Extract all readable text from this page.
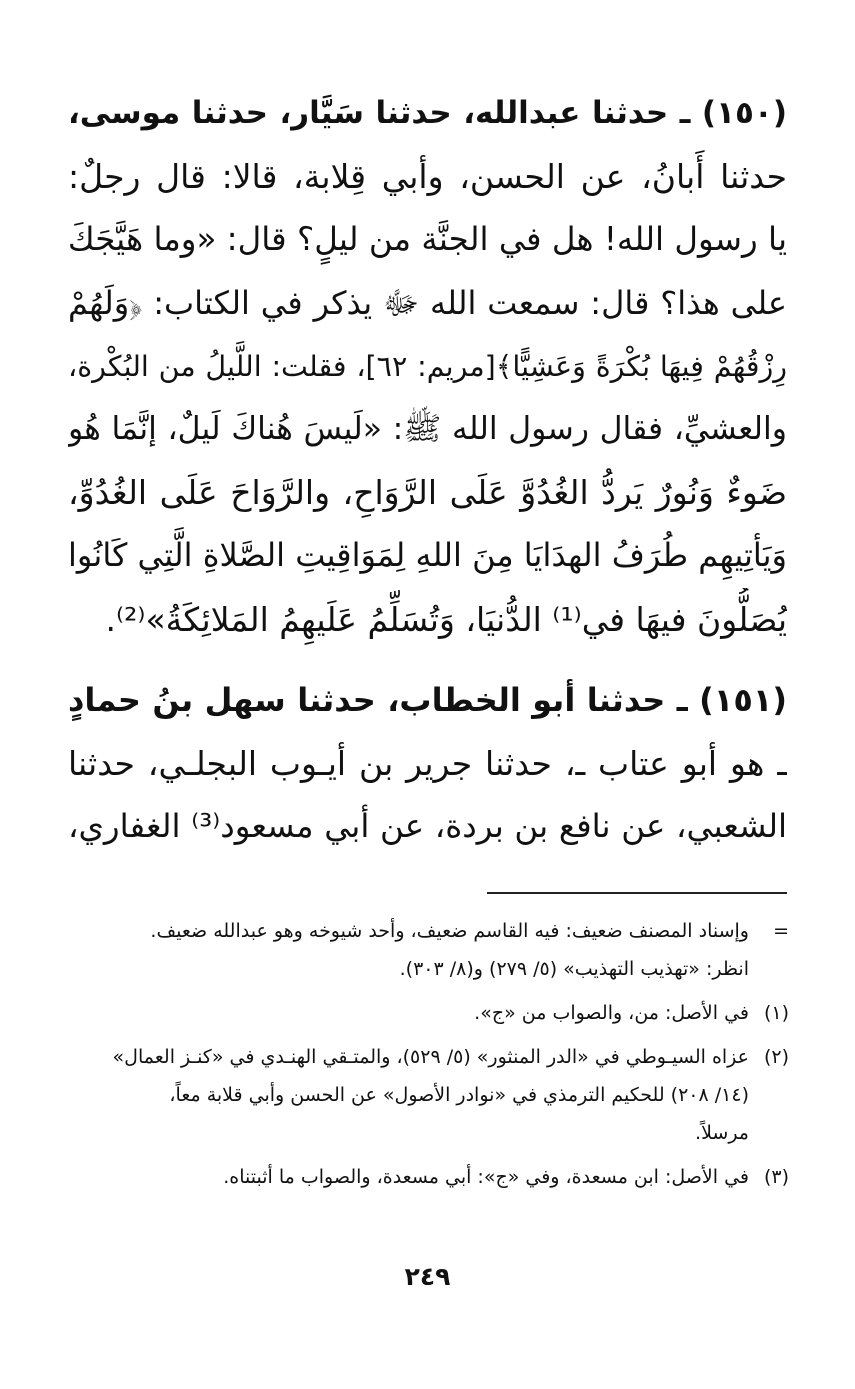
(١٥٠) ـ حدثنا عبدالله، حدثنا سَيَّار، حدثنا موسى،
حدثنا أَبانُ، عن الحسن، وأبي قِلابة، قالا: قال رجلٌ:
يا رسول الله! هل في الجنَّة من ليلٍ؟ قال: «وما هَيَّجَكَ
على هذا؟ قال: سمعت الله ﷻ يذكر في الكتاب: ﴿وَلَهُمْ
رِزْقُهُمْ فِيهَا بُكْرَةً وَعَشِيًّا﴾[مريم: ٦٢]، فقلت: اللَّيلُ من البُكْرة،
والعشيِّ، فقال رسول الله ﷺ: «لَيسَ هُناكَ لَيلٌ، إنَّمَا هُو
ضَوءٌ وَنُورٌ يَردُّ الغُدُوَّ عَلَى الرَّوَاحِ، والرَّوَاحَ عَلَى الغُدُوِّ،
وَيَأتِيهِم طُرَفُ الهدَايَا مِنَ اللهِ لِمَوَاقِيتِ الصَّلاةِ الَّتِي كَانُوا
يُصَلُّونَ فيهَا في⁽¹⁾ الدُّنيَا، وَتُسَلِّمُ عَلَيهِمُ المَلائِكَةُ»⁽²⁾.
(١٥١) ـ حدثنا أبو الخطاب، حدثنا سهل بنُ حمادٍ
ـ هو أبو عتاب ـ، حدثنا جرير بن أيـوب البجلـي، حدثنا
الشعبي، عن نافع بن بردة، عن أبي مسعود⁽³⁾ الغفاري،
=
وإسناد المصنف ضعيف: فيه القاسم ضعيف، وأحد شيوخه وهو عبدالله ضعيف.
انظر: «تهذيب التهذيب» (٥/ ٢٧٩) و(٨/ ٣٠٣).
(١)
في الأصل: من، والصواب من «ج».
(٢)
عزاه السيـوطي في «الدر المنثور» (٥/ ٥٢٩)، والمتـقي الهنـدي في «كنـز العمال»
(١٤/ ٢٠٨) للحكيم الترمذي في «نوادر الأصول» عن الحسن وأبي قلابة معاً،
مرسلاً.
(٣)
في الأصل: ابن مسعدة، وفي «ج»: أبي مسعدة، والصواب ما أثبتناه.
٢٤٩
